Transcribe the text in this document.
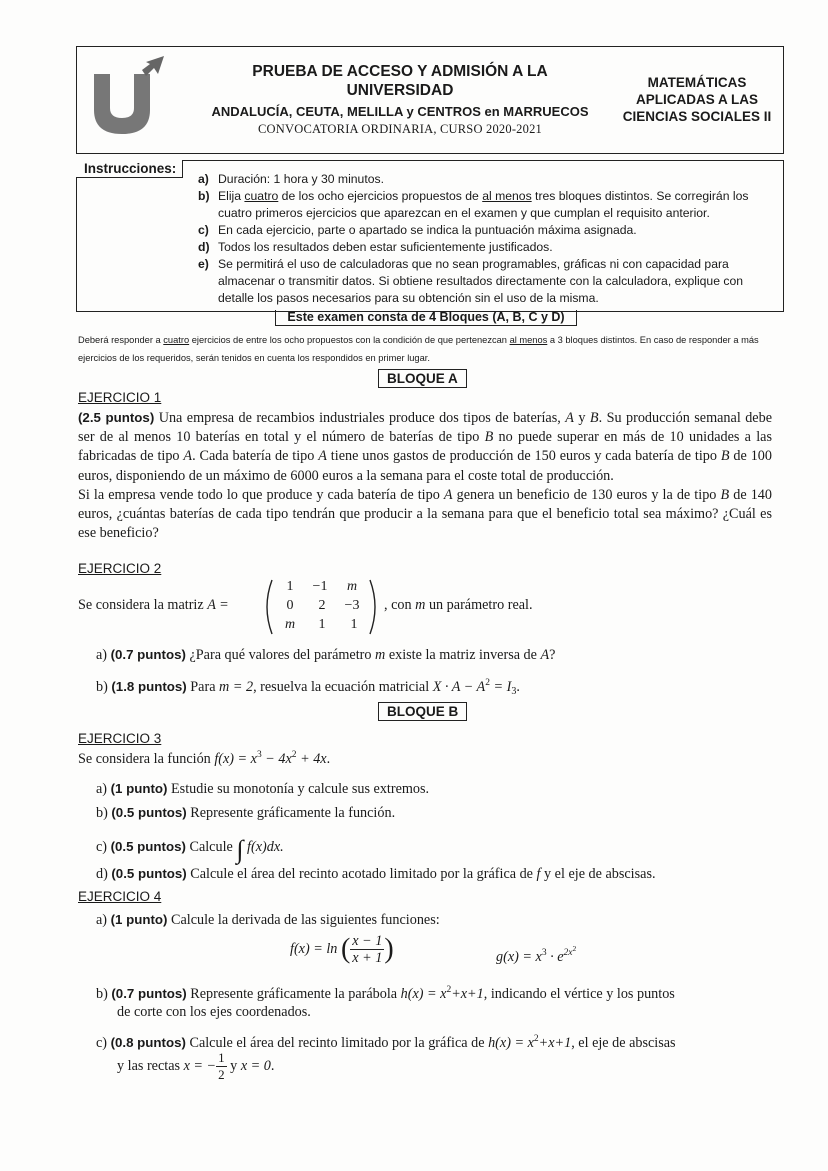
PRUEBA DE ACCESO Y ADMISIÓN A LA
UNIVERSIDAD
ANDALUCÍA, CEUTA, MELILLA y CENTROS en MARRUECOS
CONVOCATORIA ORDINARIA, CURSO 2020-2021
MATEMÁTICAS
APLICADAS A LAS
CIENCIAS SOCIALES II
Instrucciones:
a) Duración: 1 hora y 30 minutos.
b) Elija cuatro de los ocho ejercicios propuestos de al menos tres bloques distintos. Se corregirán los cuatro primeros ejercicios que aparezcan en el examen y que cumplan el requisito anterior.
c) En cada ejercicio, parte o apartado se indica la puntuación máxima asignada.
d) Todos los resultados deben estar suficientemente justificados.
e) Se permitirá el uso de calculadoras que no sean programables, gráficas ni con capacidad para almacenar o transmitir datos. Si obtiene resultados directamente con la calculadora, explique con detalle los pasos necesarios para su obtención sin el uso de la misma.
Este examen consta de 4 Bloques (A, B, C y D)
Deberá responder a cuatro ejercicios de entre los ocho propuestos con la condición de que pertenezcan al menos a 3 bloques distintos. En caso de responder a más ejercicios de los requeridos, serán tenidos en cuenta los respondidos en primer lugar.
BLOQUE A
EJERCICIO 1
(2.5 puntos) Una empresa de recambios industriales produce dos tipos de baterías, A y B. Su producción semanal debe ser de al menos 10 baterías en total y el número de baterías de tipo B no puede superar en más de 10 unidades a las fabricadas de tipo A. Cada batería de tipo A tiene unos gastos de producción de 150 euros y cada batería de tipo B de 100 euros, disponiendo de un máximo de 6000 euros a la semana para el coste total de producción.
Si la empresa vende todo lo que produce y cada batería de tipo A genera un beneficio de 130 euros y la de tipo B de 140 euros, ¿cuántas baterías de cada tipo tendrán que producir a la semana para que el beneficio total sea máximo? ¿Cuál es ese beneficio?
EJERCICIO 2
Se considera la matriz A =
1	−1	m
0	2	−3
m	1	1
, con m un parámetro real.
a) (0.7 puntos) ¿Para qué valores del parámetro m existe la matriz inversa de A?
b) (1.8 puntos) Para m = 2, resuelva la ecuación matricial $X \cdot A - A^2 = I_3$.
BLOQUE B
EJERCICIO 3
Se considera la función $f(x) = x^3 - 4x^2 + 4x$.
a) (1 punto) Estudie su monotonía y calcule sus extremos.
b) (0.5 puntos) Represente gráficamente la función.
c) (0.5 puntos) Calcule ∫ f(x)dx.
d) (0.5 puntos) Calcule el área del recinto acotado limitado por la gráfica de f y el eje de abscisas.
EJERCICIO 4
a) (1 punto) Calcule la derivada de las siguientes funciones:
f(x) = ln ( $\frac{x - 1}{x + 1}$ )	$g(x) = x^3 \cdot e^{2x2}$
b) (0.7 puntos) Represente gráficamente la parábola $h(x) = x^2+x+1$, indicando el vértice y los puntos
de corte con los ejes coordenados.
c) (0.8 puntos) Calcule el área del recinto limitado por la gráfica de $h(x) = x^2+x+1$, el eje de abscisas
y las rectas x = − $\frac{1}{2}$ y x = 0.
